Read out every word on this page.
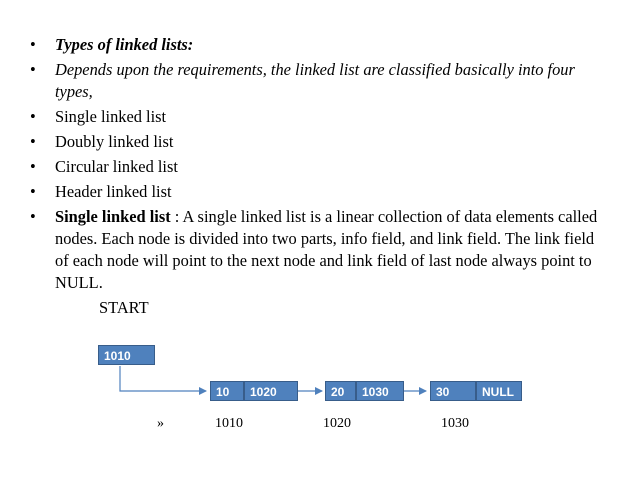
• Types of linked lists:
• Depends upon the requirements, the linked list are classified basically into four types,
• Single linked list
• Doubly linked list
• Circular linked list
• Header linked list
• Single linked list : A single linked list is a linear collection of data elements called nodes. Each node is divided into two parts, info field, and link field. The link field of each node will point to the next node and link field of last node always point to NULL.
START
1010
10	1020	20	1030	30	NULL
»	1010	1020	1030
